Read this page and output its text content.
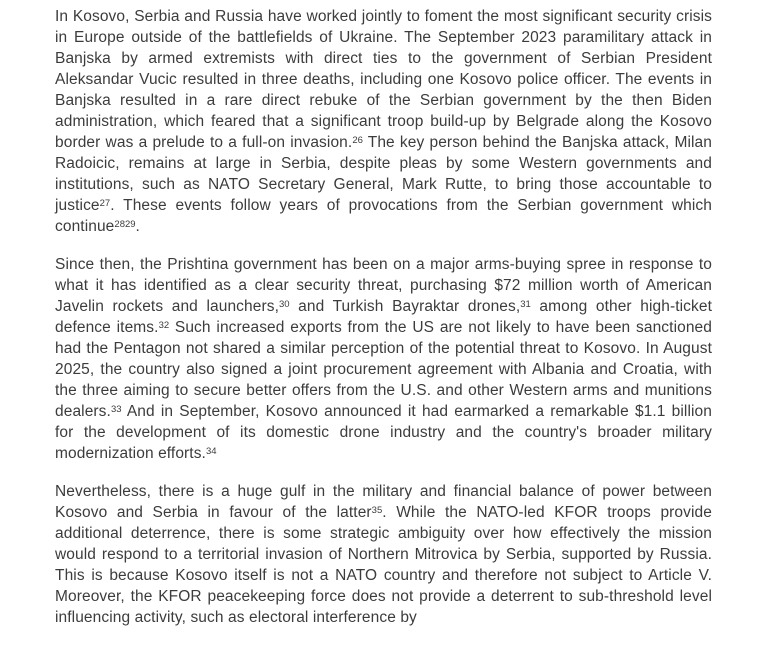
In Kosovo, Serbia and Russia have worked jointly to foment the most significant security crisis in Europe outside of the battlefields of Ukraine. The September 2023 paramilitary attack in Banjska by armed extremists with direct ties to the government of Serbian President Aleksandar Vucic resulted in three deaths, including one Kosovo police officer. The events in Banjska resulted in a rare direct rebuke of the Serbian government by the then Biden administration, which feared that a significant troop build-up by Belgrade along the Kosovo border was a prelude to a full-on invasion.$^{26}$ The key person behind the Banjska attack, Milan Radoicic, remains at large in Serbia, despite pleas by some Western governments and institutions, such as NATO Secretary General, Mark Rutte, to bring those accountable to justice$^{27}$. These events follow years of provocations from the Serbian government which continue$^{2829}$.

Since then, the Prishtina government has been on a major arms-buying spree in response to what it has identified as a clear security threat, purchasing $72 million worth of American Javelin rockets and launchers,$^{30}$ and Turkish Bayraktar drones,$^{31}$ among other high-ticket defence items.$^{32}$ Such increased exports from the US are not likely to have been sanctioned had the Pentagon not shared a similar perception of the potential threat to Kosovo. In August 2025, the country also signed a joint procurement agreement with Albania and Croatia, with the three aiming to secure better offers from the U.S. and other Western arms and munitions dealers.$^{33}$ And in September, Kosovo announced it had earmarked a remarkable $1.1 billion for the development of its domestic drone industry and the country's broader military modernization efforts.$^{34}$

Nevertheless, there is a huge gulf in the military and financial balance of power between Kosovo and Serbia in favour of the latter$^{35}$. While the NATO-led KFOR troops provide additional deterrence, there is some strategic ambiguity over how effectively the mission would respond to a territorial invasion of Northern Mitrovica by Serbia, supported by Russia. This is because Kosovo itself is not a NATO country and therefore not subject to Article V. Moreover, the KFOR peacekeeping force does not provide a deterrent to sub-threshold level influencing activity, such as electoral interference by
